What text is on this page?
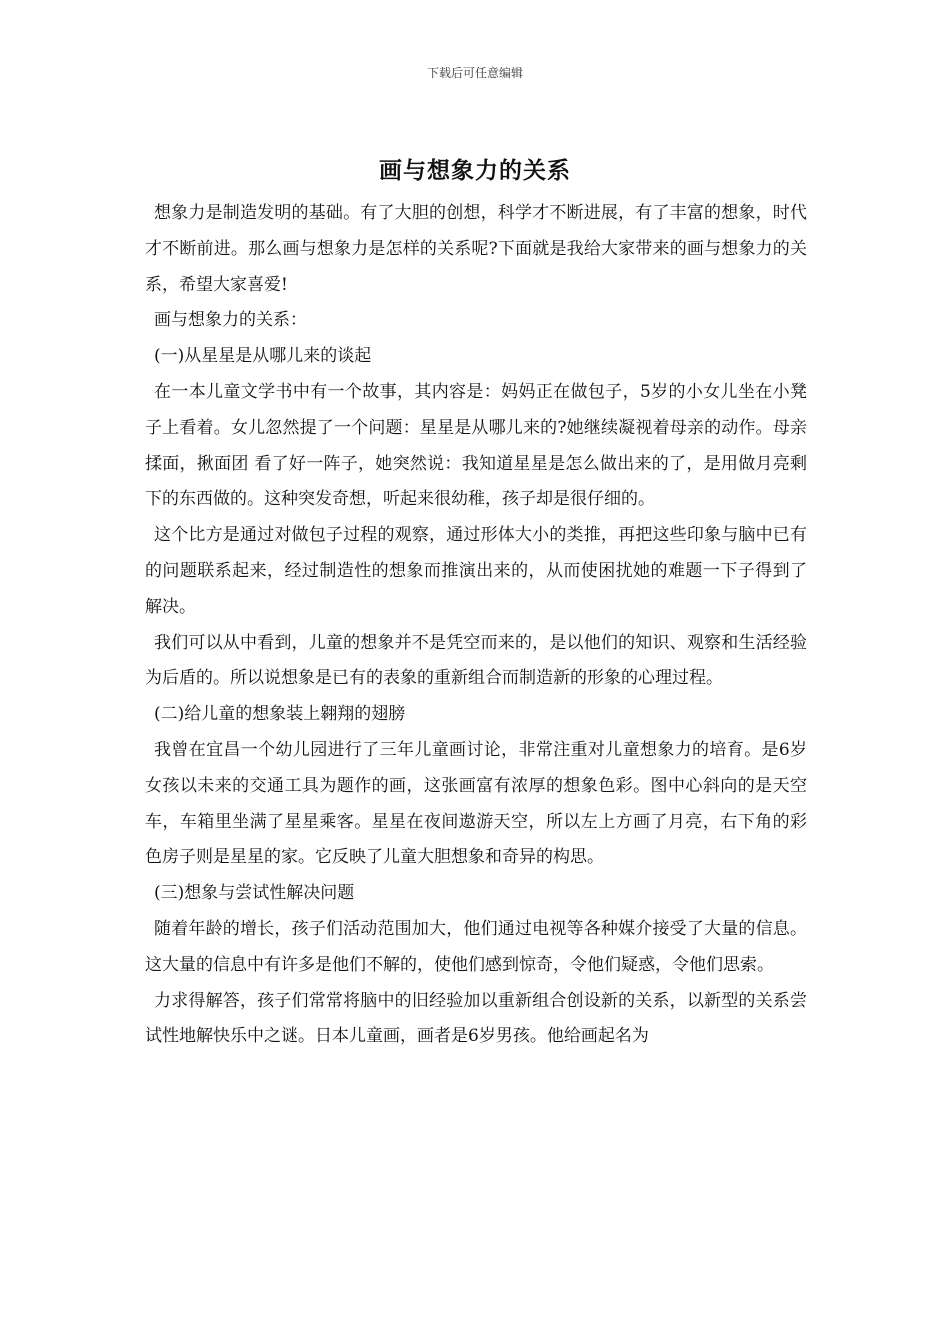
下载后可任意编辑
画与想象力的关系

想象力是制造发明的基础。有了大胆的创想，科学才不断进展，有了丰富的想象，时代才不断前进。那么画与想象力是怎样的关系呢?下面就是我给大家带来的画与想象力的关系，希望大家喜爱!

画与想象力的关系：

(一)从星星是从哪儿来的谈起

在一本儿童文学书中有一个故事，其内容是：妈妈正在做包子，5岁的小女儿坐在小凳子上看着。女儿忽然提了一个问题：星星是从哪儿来的?她继续凝视着母亲的动作。母亲揉面，揪面团 看了好一阵子，她突然说：我知道星星是怎么做出来的了，是用做月亮剩下的东西做的。这种突发奇想，听起来很幼稚，孩子却是很仔细的。

这个比方是通过对做包子过程的观察，通过形体大小的类推，再把这些印象与脑中已有的问题联系起来，经过制造性的想象而推演出来的，从而使困扰她的难题一下子得到了解决。

我们可以从中看到，儿童的想象并不是凭空而来的，是以他们的知识、观察和生活经验为后盾的。所以说想象是已有的表象的重新组合而制造新的形象的心理过程。

(二)给儿童的想象装上翱翔的翅膀

我曾在宜昌一个幼儿园进行了三年儿童画讨论，非常注重对儿童想象力的培育。是6岁女孩以未来的交通工具为题作的画，这张画富有浓厚的想象色彩。图中心斜向的是天空车，车箱里坐满了星星乘客。星星在夜间遨游天空，所以左上方画了月亮，右下角的彩色房子则是星星的家。它反映了儿童大胆想象和奇异的构思。

(三)想象与尝试性解决问题

随着年龄的增长，孩子们活动范围加大，他们通过电视等各种媒介接受了大量的信息。这大量的信息中有许多是他们不解的，使他们感到惊奇，令他们疑惑，令他们思索。

力求得解答，孩子们常常将脑中的旧经验加以重新组合创设新的关系，以新型的关系尝试性地解快乐中之谜。日本儿童画，画者是6岁男孩。他给画起名为
